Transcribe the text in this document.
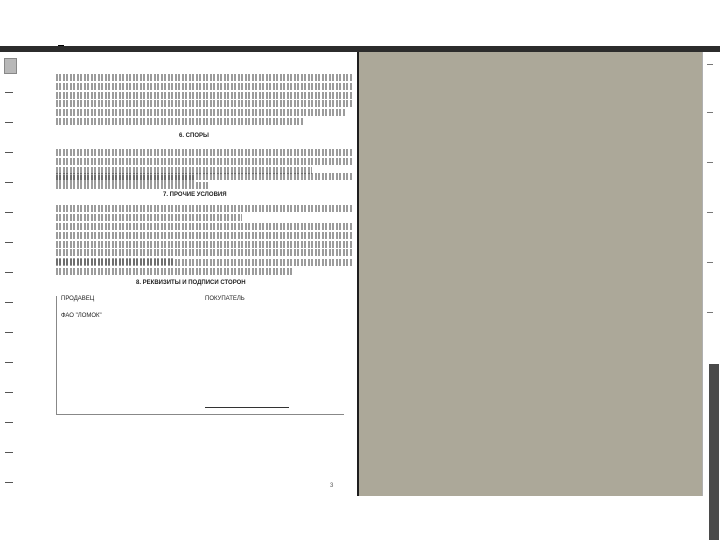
6. СПОРЫ
7. ПРОЧИЕ УСЛОВИЯ
8. РЕКВИЗИТЫ И ПОДПИСИ СТОРОН
ПРОДАВЕЦ	ПОКУПАТЕЛЬ
ФАО "ЛОМОК"
3
